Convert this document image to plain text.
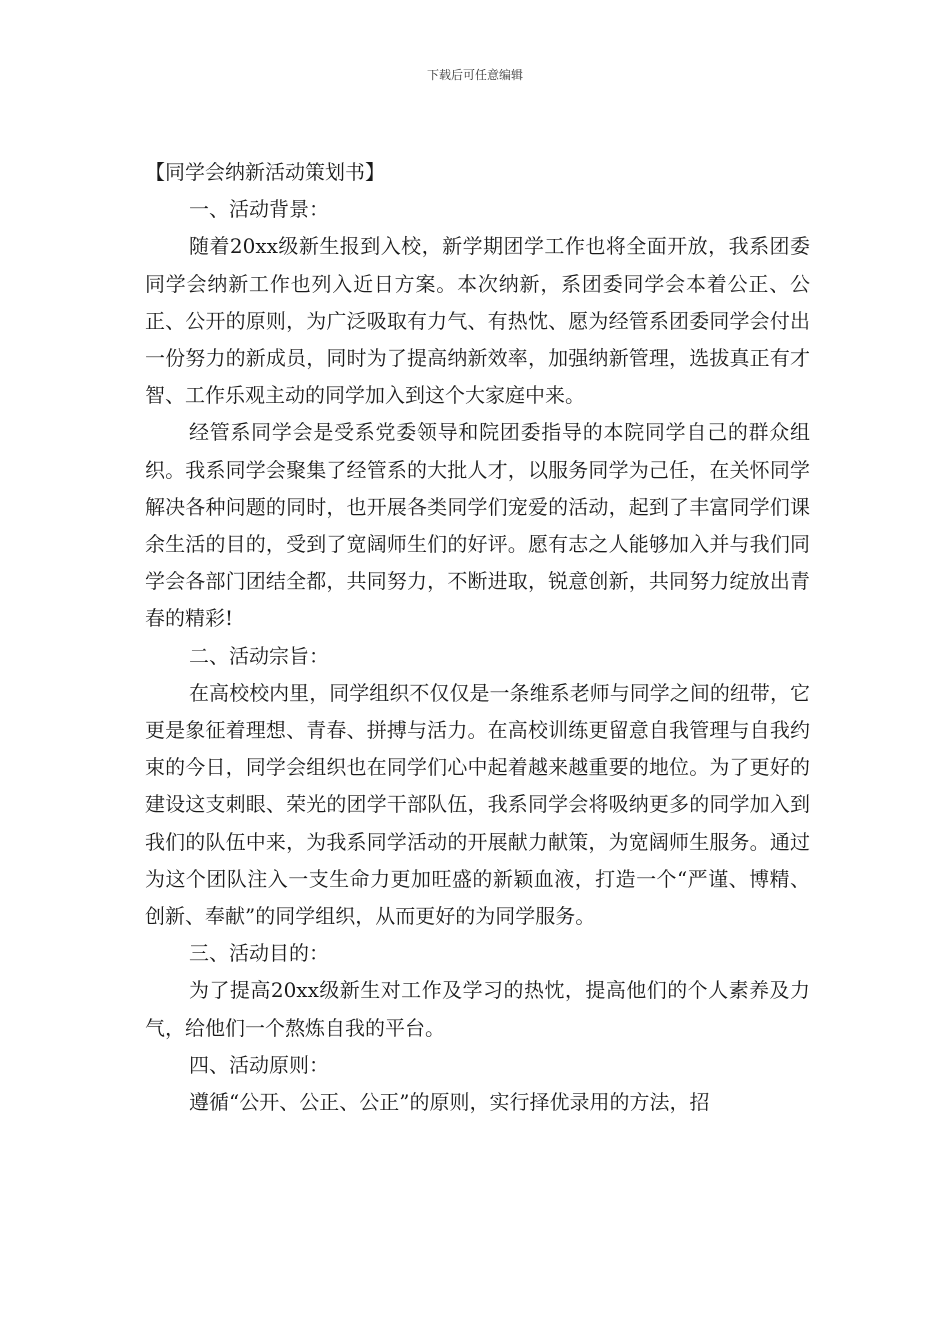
下载后可任意编辑

【同学会纳新活动策划书】

一、活动背景：

随着20xx级新生报到入校，新学期团学工作也将全面开放，我系团委同学会纳新工作也列入近日方案。本次纳新，系团委同学会本着公正、公正、公开的原则，为广泛吸取有力气、有热忱、愿为经管系团委同学会付出一份努力的新成员，同时为了提高纳新效率，加强纳新管理，选拔真正有才智、工作乐观主动的同学加入到这个大家庭中来。

经管系同学会是受系党委领导和院团委指导的本院同学自己的群众组织。我系同学会聚集了经管系的大批人才，以服务同学为己任，在关怀同学解决各种问题的同时，也开展各类同学们宠爱的活动，起到了丰富同学们课余生活的目的，受到了宽阔师生们的好评。愿有志之人能够加入并与我们同学会各部门团结全都，共同努力，不断进取，锐意创新，共同努力绽放出青春的精彩!

二、活动宗旨：

在高校校内里，同学组织不仅仅是一条维系老师与同学之间的纽带，它更是象征着理想、青春、拼搏与活力。在高校训练更留意自我管理与自我约束的今日，同学会组织也在同学们心中起着越来越重要的地位。为了更好的建设这支刺眼、荣光的团学干部队伍，我系同学会将吸纳更多的同学加入到我们的队伍中来，为我系同学活动的开展献力献策，为宽阔师生服务。通过为这个团队注入一支生命力更加旺盛的新颖血液，打造一个“严谨、博精、创新、奉献”的同学组织，从而更好的为同学服务。

三、活动目的：

为了提高20xx级新生对工作及学习的热忱，提高他们的个人素养及力气，给他们一个熬炼自我的平台。

四、活动原则：

遵循“公开、公正、公正”的原则，实行择优录用的方法，招
